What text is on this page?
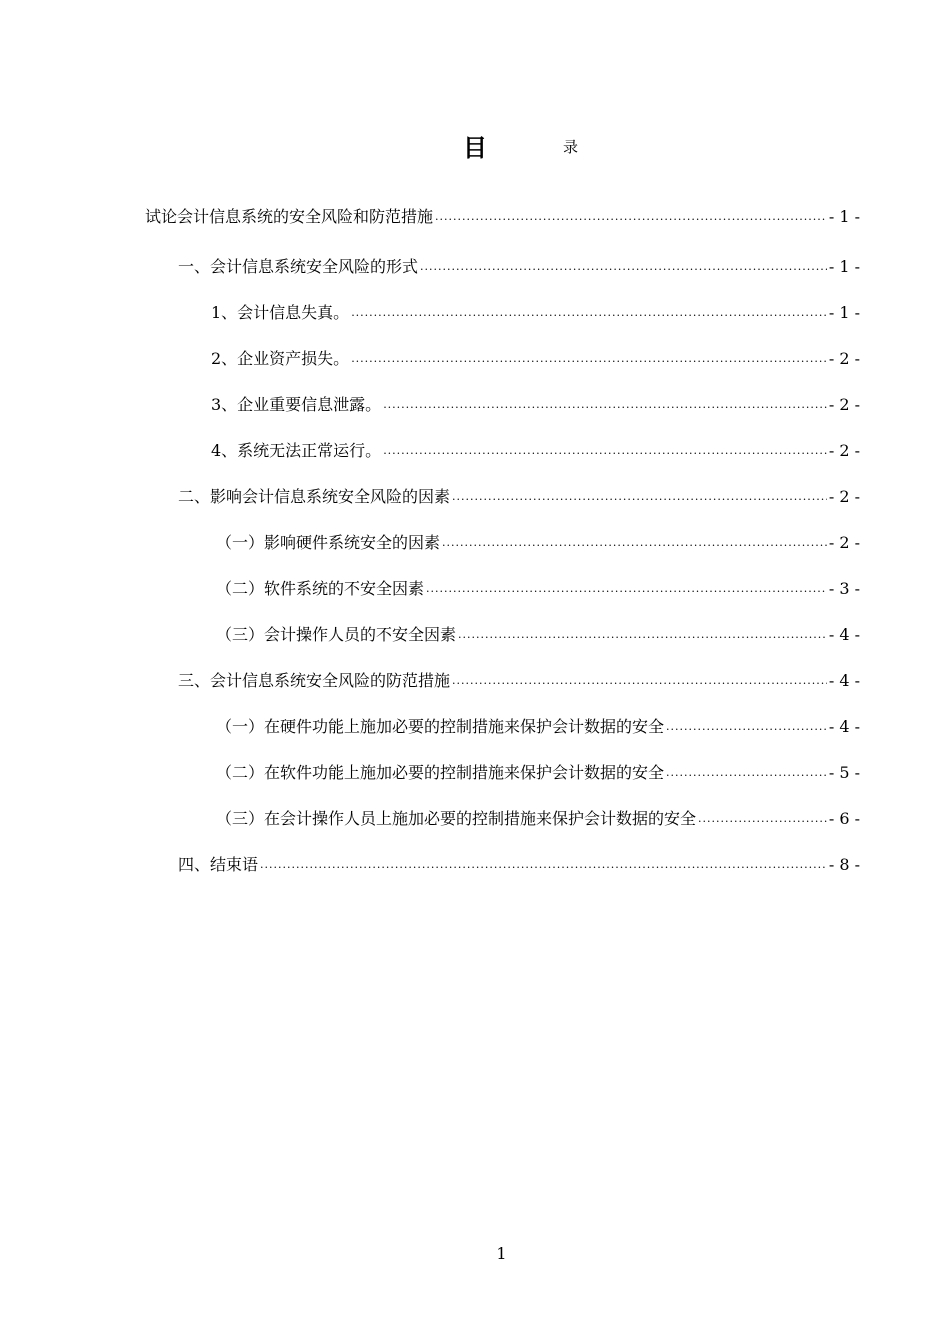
目	录
试论会计信息系统的安全风险和防范措施 .....	- 1 -
一、会计信息系统安全风险的形式 .....	- 1 -
1、会计信息失真。 .....	- 1 -
2、企业资产损失。 .....	- 2 -
3、企业重要信息泄露。 .....	- 2 -
4、系统无法正常运行。 .....	- 2 -
二、影响会计信息系统安全风险的因素 .....	- 2 -
（一）影响硬件系统安全的因素 .....	- 2 -
（二）软件系统的不安全因素 .....	- 3 -
（三）会计操作人员的不安全因素 .....	- 4 -
三、会计信息系统安全风险的防范措施 .....	- 4 -
（一）在硬件功能上施加必要的控制措施来保护会计数据的安全 .....	- 4 -
（二）在软件功能上施加必要的控制措施来保护会计数据的安全 .....	- 5 -
（三）在会计操作人员上施加必要的控制措施来保护会计数据的安全 .....	- 6 -
四、结束语 .....	- 8 -
1
